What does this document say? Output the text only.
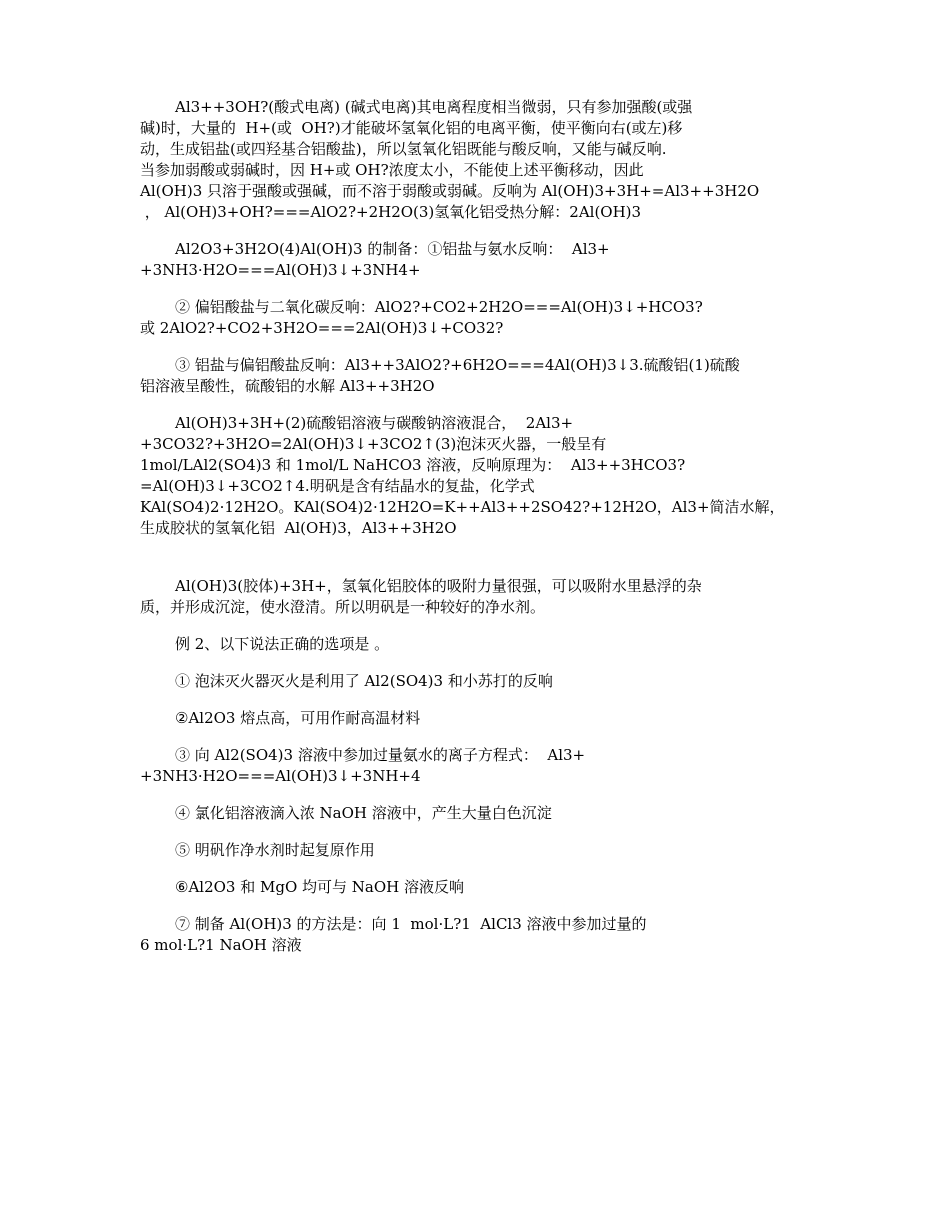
Al3++3OH?(酸式电离) (碱式电离)其电离程度相当微弱，只有参加强酸(或强
碱)时，大量的  H+(或  OH?)才能破坏氢氧化铝的电离平衡，使平衡向右(或左)移
动，生成铝盐(或四羟基合铝酸盐)，所以氢氧化铝既能与酸反响，又能与碱反响.
当参加弱酸或弱碱时，因 H+或 OH?浓度太小，不能使上述平衡移动，因此
Al(OH)3 只溶于强酸或强碱，而不溶于弱酸或弱碱。反响为 Al(OH)3+3H+=Al3++3H2O
， Al(OH)3+OH?===AlO2?+2H2O(3)氢氧化铝受热分解：2Al(OH)3
Al2O3+3H2O(4)Al(OH)3 的制备：①铝盐与氨水反响：  Al3+
+3NH3·H2O===Al(OH)3↓+3NH4+
② 偏铝酸盐与二氧化碳反响：AlO2?+CO2+2H2O===Al(OH)3↓+HCO3?
或 2AlO2?+CO2+3H2O===2Al(OH)3↓+CO32?
③ 铝盐与偏铝酸盐反响：Al3++3AlO2?+6H2O===4Al(OH)3↓3.硫酸铝(1)硫酸
铝溶液呈酸性，硫酸铝的水解 Al3++3H2O
Al(OH)3+3H+(2)硫酸铝溶液与碳酸钠溶液混合，  2Al3+
+3CO32?+3H2O=2Al(OH)3↓+3CO2↑(3)泡沫灭火器，一般呈有
1mol/LAl2(SO4)3 和 1mol/L NaHCO3 溶液，反响原理为：  Al3++3HCO3?
=Al(OH)3↓+3CO2↑4.明矾是含有结晶水的复盐，化学式
KAl(SO4)2·12H2O。KAl(SO4)2·12H2O=K++Al3++2SO42?+12H2O，Al3+简洁水解，
生成胶状的氢氧化铝  Al(OH)3，Al3++3H2O
Al(OH)3(胶体)+3H+，氢氧化铝胶体的吸附力量很强，可以吸附水里悬浮的杂
质，并形成沉淀，使水澄清。所以明矾是一种较好的净水剂。
例 2、以下说法正确的选项是 。
① 泡沫灭火器灭火是利用了 Al2(SO4)3 和小苏打的反响
②Al2O3 熔点高，可用作耐高温材料
③ 向 Al2(SO4)3 溶液中参加过量氨水的离子方程式：  Al3+
+3NH3·H2O===Al(OH)3↓+3NH+4
④ 氯化铝溶液滴入浓 NaOH 溶液中，产生大量白色沉淀
⑤ 明矾作净水剂时起复原作用
⑥Al2O3 和 MgO 均可与 NaOH 溶液反响
⑦ 制备 Al(OH)3 的方法是：向 1  mol·L?1  AlCl3 溶液中参加过量的
6 mol·L?1 NaOH 溶液
